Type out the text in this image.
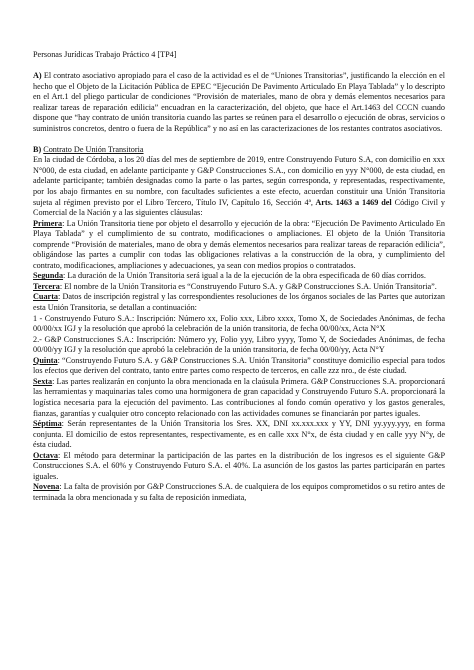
Personas Jurídicas Trabajo Práctico 4 [TP4]

A) El contrato asociativo apropiado para el caso de la actividad es el de “Uniones Transitorias”, justificando la elección en el hecho que el Objeto de la Licitación Pública de EPEC “Ejecución De Pavimento Articulado En Playa Tablada” y lo descripto en el Art.1 del pliego particular de condiciones “Provisión de materiales, mano de obra y demás elementos necesarios para realizar tareas de reparación edilicia” encuadran en la caracterización, del objeto, que hace el Art.1463 del CCCN cuando dispone que “hay contrato de unión transitoria cuando las partes se reúnen para el desarrollo o ejecución de obras, servicios o suministros concretos, dentro o fuera de la República” y no así en las caracterizaciones de los restantes contratos asociativos.

B) Contrato De Unión Transitoria

En la ciudad de Córdoba, a los 20 días del mes de septiembre de 2019, entre Construyendo Futuro S.A, con domicilio en xxx N°000, de esta ciudad, en adelante participante y G&P Construcciones S.A., con domicilio en yyy N°000, de esta ciudad, en adelante participante; también designadas como la parte o las partes, según corresponda, y representadas, respectivamente, por los abajo firmantes en su nombre, con facultades suficientes a este efecto, acuerdan constituir una Unión Transitoria sujeta al régimen previsto por el Libro Tercero, Título IV, Capítulo 16, Sección 4ª, Arts. 1463 a 1469 del Código Civil y Comercial de la Nación y a las siguientes cláusulas:

Primera: La Unión Transitoria tiene por objeto el desarrollo y ejecución de la obra: “Ejecución De Pavimento Articulado En Playa Tablada” y el cumplimiento de su contrato, modificaciones o ampliaciones. El objeto de la Unión Transitoria comprende “Provisión de materiales, mano de obra y demás elementos necesarios para realizar tareas de reparación edilicia”, obligándose las partes a cumplir con todas las obligaciones relativas a la construcción de la obra, y cumplimiento del contrato, modificaciones, ampliaciones y adecuaciones, ya sean con medios propios o contratados.

Segunda: La duración de la Unión Transitoria será igual a la de la ejecución de la obra especificada de 60 días corridos.

Tercera: El nombre de la Unión Transitoria es “Construyendo Futuro S.A. y G&P Construcciones S.A. Unión Transitoria”.

Cuarta: Datos de inscripción registral y las correspondientes resoluciones de los órganos sociales de las Partes que autorizan esta Unión Transitoria, se detallan a continuación:

1 - Construyendo Futuro S.A.: Inscripción: Número xx, Folio xxx, Libro xxxx, Tomo X, de Sociedades Anónimas, de fecha 00/00/xx IGJ y la resolución que aprobó la celebración de la unión transitoria, de fecha 00/00/xx, Acta N°X

2.- G&P Construcciones S.A.: Inscripción: Número yy, Folio yyy, Libro yyyy, Tomo Y, de Sociedades Anónimas, de fecha 00/00/yy IGJ y la resolución que aprobó la celebración de la unión transitoria, de fecha 00/00/yy, Acta N°Y

Quinta: “Construyendo Futuro S.A. y G&P Construcciones S.A. Unión Transitoria” constituye domicilio especial para todos los efectos que deriven del contrato, tanto entre partes como respecto de terceros, en calle zzz nro., de éste ciudad.

Sexta: Las partes realizarán en conjunto la obra mencionada en la claúsula Primera. G&P Construcciones S.A. proporcionará las herramientas y maquinarias tales como una hormigonera de gran capacidad y Construyendo Futuro S.A. proporcionará la logística necesaria para la ejecución del pavimento. Las contribuciones al fondo común operativo y los gastos generales, fianzas, garantías y cualquier otro concepto relacionado con las actividades comunes se financiarán por partes iguales.

Séptima: Serán representantes de la Unión Transitoria los Sres. XX, DNI xx.xxx.xxx y YY, DNI yy.yyy.yyy, en forma conjunta. El domicilio de estos representantes, respectivamente, es en calle xxx N°x, de ésta ciudad y en calle yyy N°y, de ésta ciudad.

Octava: El método para determinar la participación de las partes en la distribución de los ingresos es el siguiente G&P Construcciones S.A. el 60% y Construyendo Futuro S.A. el 40%. La asunción de los gastos las partes participarán en partes iguales.

Novena: La falta de provisión por G&P Construcciones S.A. de cualquiera de los equipos comprometidos o su retiro antes de terminada la obra mencionada y su falta de reposición inmediata,
